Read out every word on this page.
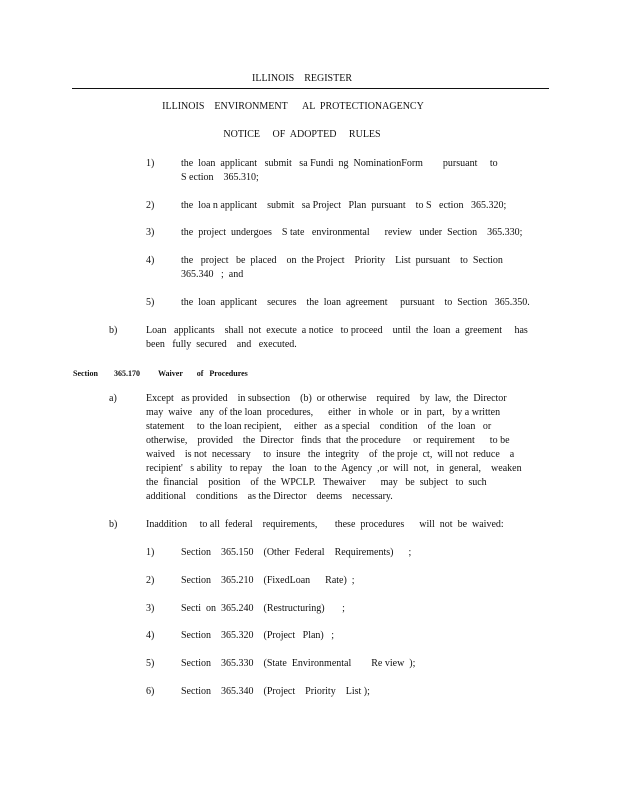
ILLINOIS    REGISTER
ILLINOIS    ENVIRONMENT      AL  PROTECTIONAGENCY
NOTICE     OF  ADOPTED     RULES
1)	the  loan  applicant   submit   sa Fundi  ng  NominationForm        pursuant     to
S ection    365.310;
2)	the  loa n applicant    submit   sa Project   Plan  pursuant    to S   ection   365.320;
3)	the  project  undergoes    S tate   environmental      review   under  Section    365.330;
4)	the   project   be  placed    on  the Project    Priority    List  pursuant    to  Section
365.340   ;  and
5)	the  loan  applicant    secures    the  loan  agreement     pursuant    to  Section   365.350.
b)	Loan   applicants    shall  not  execute  a notice   to proceed    until  the  loan  a  greement     has
been   fully  secured    and   executed.
Section 365.170 Waiver       of   Procedures
a)	Except   as provided    in subsection    (b)  or otherwise    required    by  law,  the  Director
may  waive   any  of the loan  procedures,      either   in whole   or  in  part,   by a written
statement     to  the loan recipient,     either   as a special    condition    of  the  loan   or
otherwise,    provided    the  Director   finds  that  the procedure     or  requirement      to be
waived    is not  necessary     to  insure   the  integrity    of  the proje  ct,  will not  reduce    a
recipient'   s ability   to repay    the  loan   to the  Agency  ,or  will  not,   in  general,    weaken
the  financial    position    of  the  WPCLP.   Thewaiver      may   be  subject   to  such
additional    conditions    as the Director    deems    necessary.
b)	Inaddition     to all  federal    requirements,       these  procedures      will  not  be  waived:
1)	Section    365.150    (Other  Federal    Requirements)      ;
2)	Section    365.210    (FixedLoan      Rate)  ;
3)	Secti  on  365.240    (Restructuring)       ;
4)	Section    365.320    (Project   Plan)   ;
5)	Section    365.330    (State  Environmental        Re view  );
6)	Section    365.340    (Project    Priority    List );
